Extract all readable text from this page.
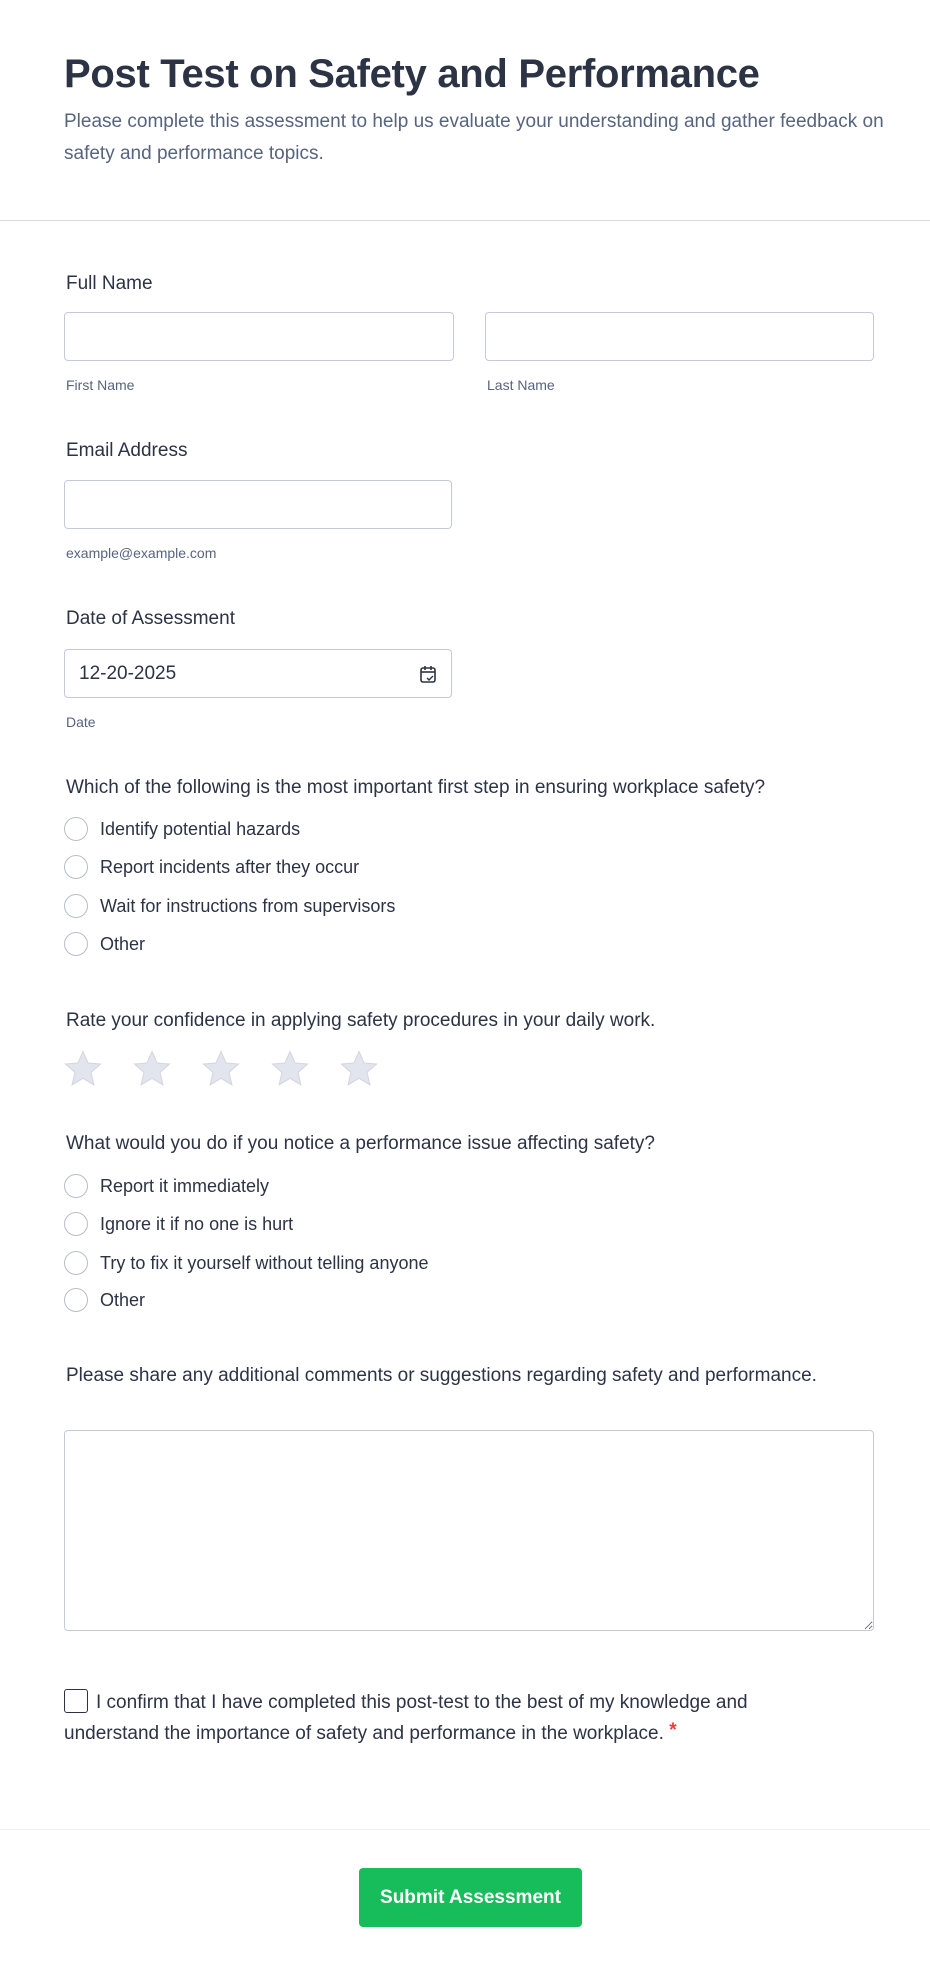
Post Test on Safety and Performance
Please complete this assessment to help us evaluate your understanding and gather feedback on safety and performance topics.
Full Name
First Name	Last Name
Email Address
example@example.com
Date of Assessment
12-20-2025
Date
Which of the following is the most important first step in ensuring workplace safety?
Identify potential hazards
Report incidents after they occur
Wait for instructions from supervisors
Other
Rate your confidence in applying safety procedures in your daily work.
What would you do if you notice a performance issue affecting safety?
Report it immediately
Ignore it if no one is hurt
Try to fix it yourself without telling anyone
Other
Please share any additional comments or suggestions regarding safety and performance.
I confirm that I have completed this post-test to the best of my knowledge and understand the importance of safety and performance in the workplace. *
Submit Assessment
